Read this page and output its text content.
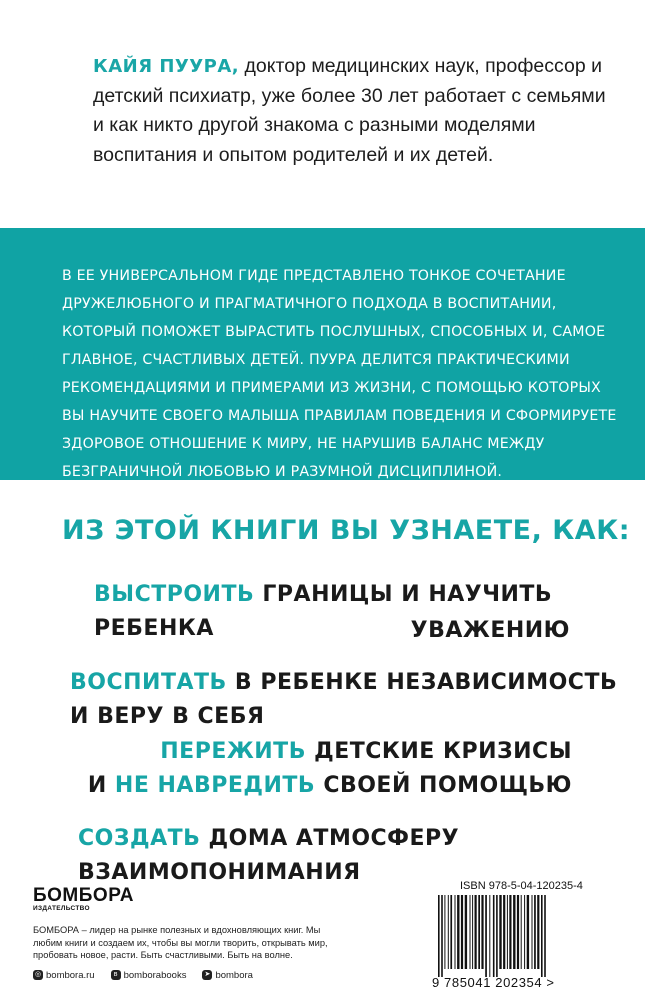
КАЙЯ ПУУРА, доктор медицинских наук, профессор и детский психиатр, уже более 30 лет работает с семьями и как никто другой знакома с разными моделями воспитания и опытом родителей и их детей.
В ЕЕ УНИВЕРСАЛЬНОМ ГИДЕ ПРЕДСТАВЛЕНО ТОНКОЕ СОЧЕТАНИЕ ДРУЖЕЛЮБНОГО И ПРАГМАТИЧНОГО ПОДХОДА В ВОСПИТАНИИ, КОТОРЫЙ ПОМОЖЕТ ВЫРАСТИТЬ ПОСЛУШНЫХ, СПОСОБНЫХ И, САМОЕ ГЛАВНОЕ, СЧАСТЛИВЫХ ДЕТЕЙ. ПУУРА ДЕЛИТСЯ ПРАКТИЧЕСКИМИ РЕКОМЕНДАЦИЯМИ И ПРИМЕРАМИ ИЗ ЖИЗНИ, С ПОМОЩЬЮ КОТОРЫХ ВЫ НАУЧИТЕ СВОЕГО МАЛЫША ПРАВИЛАМ ПОВЕДЕНИЯ И СФОРМИРУЕТЕ ЗДОРОВОЕ ОТНОШЕНИЕ К МИРУ, НЕ НАРУШИВ БАЛАНС МЕЖДУ БЕЗГРАНИЧНОЙ ЛЮБОВЬЮ И РАЗУМНОЙ ДИСЦИПЛИНОЙ.
ИЗ ЭТОЙ КНИГИ ВЫ УЗНАЕТЕ, КАК:
ВЫСТРОИТЬ ГРАНИЦЫ И НАУЧИТЬ РЕБЕНКА	УВАЖЕНИЮ
ВОСПИТАТЬ В РЕБЕНКЕ НЕЗАВИСИМОСТЬ
И ВЕРУ В СЕБЯ
ПЕРЕЖИТЬ ДЕТСКИЕ КРИЗИСЫ
И НЕ НАВРЕДИТЬ СВОЕЙ ПОМОЩЬЮ
СОЗДАТЬ ДОМА АТМОСФЕРУ ВЗАИМОПОНИМАНИЯ
БОМБОРА
ИЗДАТЕЛЬСТВО
БОМБОРА – лидер на рынке полезных и вдохновляющих книг. Мы любим книги и создаем их, чтобы вы могли творить, открывать мир, пробовать новое, расти. Быть счастливыми. Быть на волне.
◎ bombora.ru	в bomborabooks	➤ bombora
ISBN 978-5-04-120235-4
9 785041 202354 >
